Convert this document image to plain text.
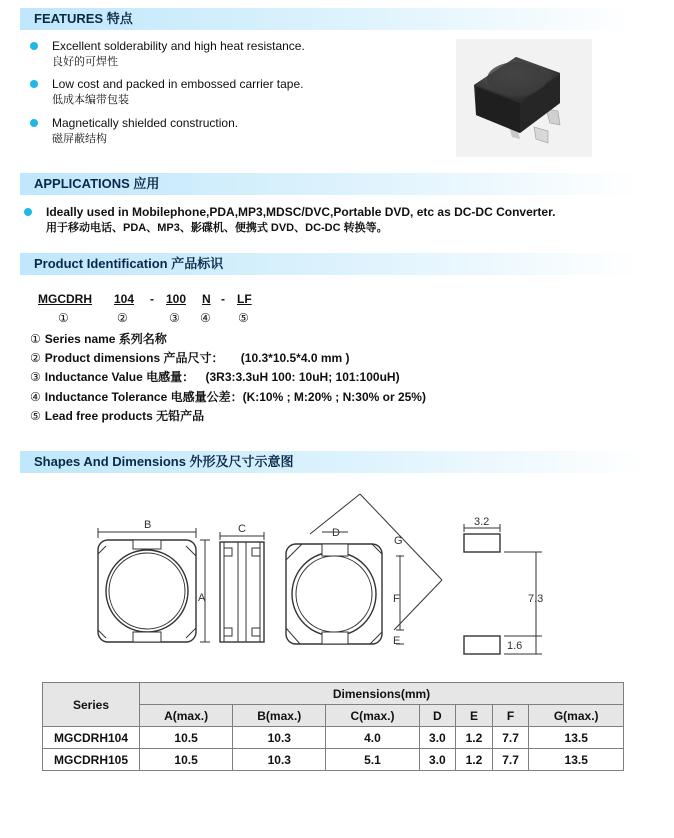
FEATURES 特点
Excellent solderability and high heat resistance.
良好的可焊性
Low cost and packed in embossed carrier tape.
低成本编带包装
Magnetically shielded construction.
磁屏蔽结构
APPLICATIONS 应用
Ideally used in Mobilephone,PDA,MP3,MDSC/DVC,Portable DVD, etc as DC-DC Converter.
用于移动电话、PDA、MP3、影碟机、便携式 DVD、DC-DC 转换等。
Product Identification 产品标识
MGCDRH 104 - 100 N - LF
①	②	③ ④ ⑤
① Series name 系列名称
② Product dimensions 产品尺寸： (10.3*10.5*4.0 mm )
③ Inductance Value 电感量： (3R3:3.3uH 100: 10uH; 101:100uH)
④ Inductance Tolerance 电感量公差：(K:10% ; M:20% ; N:30% or 25%)
⑤ Lead free products 无铅产品
Shapes And Dimensions 外形及尺寸示意图
B
A
C	D
G
F
E
3.2
7.3
1.6
Series	Dimensions(mm)						
	A(max.)	B(max.)	C(max.)	D	E	F	G(max.)
MGCDRH104	10.5	10.3	4.0	3.0	1.2	7.7	13.5
MGCDRH105	10.5	10.3	5.1	3.0	1.2	7.7	13.5
